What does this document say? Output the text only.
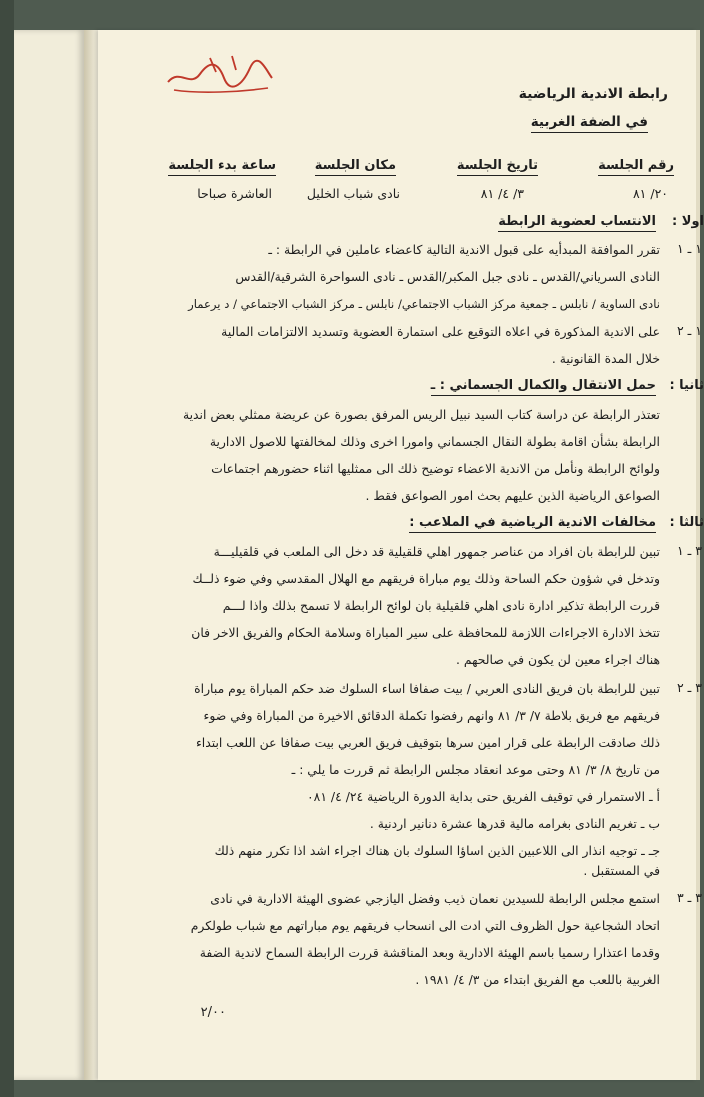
رابطة الاندية الرياضية
في الضفة الغربية
رقم الجلسة
تاريخ الجلسة
مكان الجلسة
ساعة بدء الجلسة
٢٠/ ٨١
٣/ ٤/ ٨١
نادى شباب الخليل
العاشرة صباحا
اولا :
الانتساب لعضوية الرابطة
١ ـ ١
تقرر الموافقة المبدأيه على قبول الاندية التالية كاعضاء عاملين في الرابطة : ـ
النادى السرياني/القدس ـ نادى جبل المكبر/القدس ـ نادى السواحرة الشرقية/القدس
نادى الساوية / نابلس ـ جمعية مركز الشباب الاجتماعي/ نابلس ـ مركز الشباب الاجتماعي / د يرعمار
١ ـ ٢
على الاندية المذكورة في اعلاه التوقيع على استمارة العضوية وتسديد الالتزامات المالية
خلال المدة القانونية .
ثانيا :
حمل الانتقال والكمال الجسماني : ـ
تعتذر الرابطة عن دراسة كتاب السيد نبيل الريس المرفق بصورة عن عريضة ممثلي بعض اندية
الرابطة بشأن اقامة بطولة النقال الجسماني وامورا اخرى وذلك لمخالفتها للاصول الادارية
ولوائح الرابطة ونأمل من الاندية الاعضاء توضيح ذلك الى ممثليها اثناء حضورهم اجتماعات
الصواعق الرياضية الذين عليهم بحث امور الصواعق فقط .
ثالثا :
مخالفات الاندية الرياضية في الملاعب :
٣ ـ ١
تبين للرابطة بان افراد من عناصر جمهور اهلي قلقيلية قد دخل الى الملعب في قلقيليـــة
وتدخل في شؤون حكم الساحة وذلك يوم مباراة فريقهم مع الهلال المقدسي وفي ضوء ذلــك
قررت الرابطة تذكير ادارة نادى اهلي قلقيلية بان لوائح الرابطة لا تسمح بذلك واذا لـــم
تتخذ الادارة الاجراءات اللازمة للمحافظة على سير المباراة وسلامة الحكام والفريق الاخر فان
هناك اجراء معين لن يكون في صالحهم .
٣ ـ ٢
تبين للرابطة بان فريق النادى العربي / بيت صفافا اساء السلوك ضد حكم المباراة يوم مباراة
فريقهم مع فريق بلاطة ٧/ ٣/ ٨١ وانهم رفضوا تكملة الدقائق الاخيرة من المباراة وفي ضوء
ذلك صادقت الرابطة على قرار امين سرها بتوقيف فريق العربي بيت صفافا عن اللعب ابتداء
من تاريخ ٨/ ٣/ ٨١ وحتى موعد انعقاد مجلس الرابطة ثم قررت ما يلي : ـ
أ ـ الاستمرار في توقيف الفريق حتى بداية الدورة الرياضية ٢٤/ ٤/ ٠٨١
ب ـ تغريم النادى بغرامه مالية قدرها عشرة دنانير اردنية .
جـ ـ توجيه انذار الى اللاعبين الذين اساؤا السلوك بان هناك اجراء اشد اذا تكرر منهم ذلك
في المستقبل .
٣ ـ ٣
استمع مجلس الرابطة للسيدين نعمان ذيب وفضل اليازجي عضوى الهيئة الادارية في نادى
اتحاد الشجاعية حول الظروف التي ادت الى انسحاب فريقهم يوم مباراتهم مع شباب طولكرم
وقدما اعتذارا رسميا باسم الهيئة الادارية وبعد المناقشة قررت الرابطة السماح لاندية الضفة
الغربية باللعب مع الفريق ابتداء من ٣/ ٤/ ١٩٨١ .
٢/٠٠
